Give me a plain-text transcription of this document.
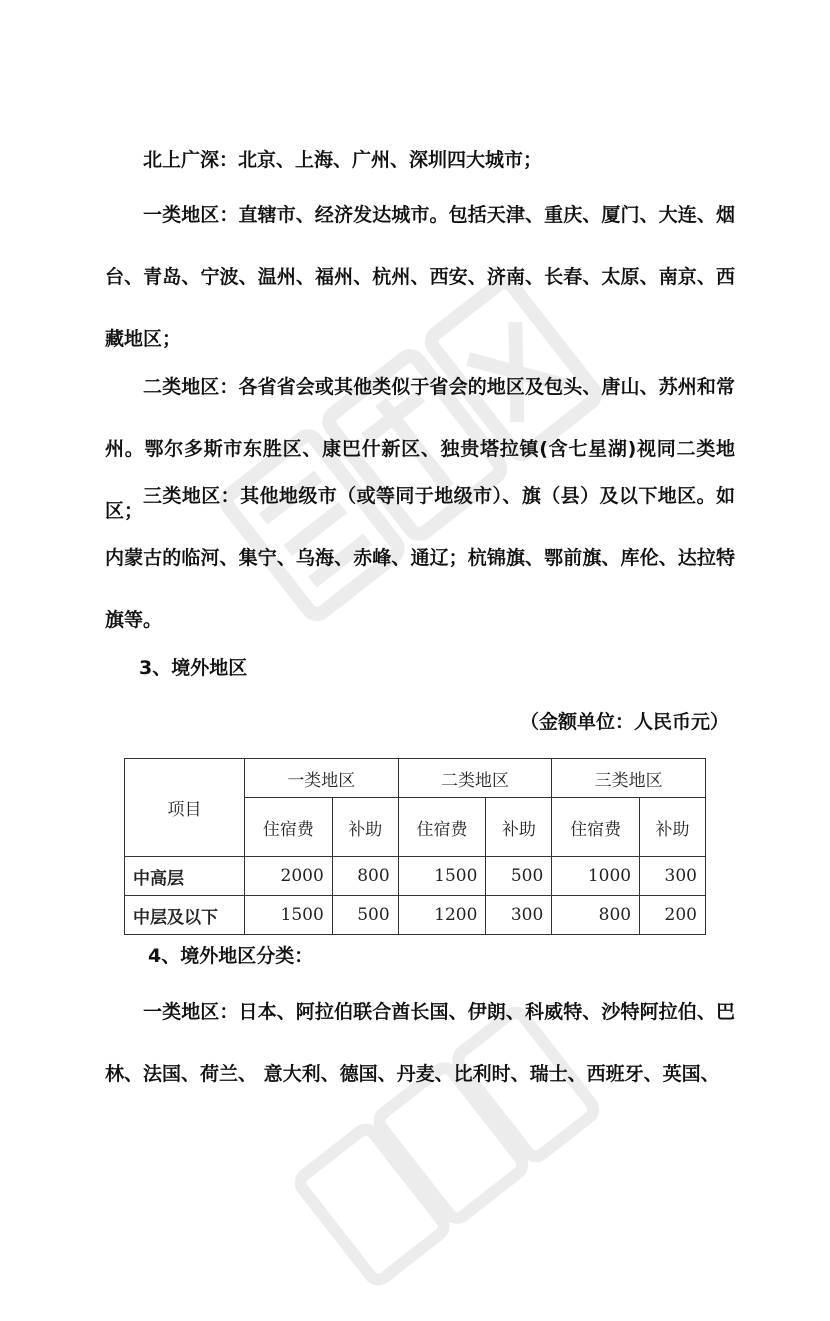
北上广深：北京、上海、广州、深圳四大城市；

一类地区：直辖市、经济发达城市。包括天津、重庆、厦门、大连、烟台、青岛、宁波、温州、福州、杭州、西安、济南、长春、太原、南京、西藏地区；

二类地区：各省省会或其他类似于省会的地区及包头、唐山、苏州和常州。鄂尔多斯市东胜区、康巴什新区、独贵塔拉镇(含七星湖)视同二类地区；

三类地区：其他地级市（或等同于地级市）、旗（县）及以下地区。如内蒙古的临河、集宁、乌海、赤峰、通辽；杭锦旗、鄂前旗、库伦、达拉特旗等。

3、境外地区

（金额单位：人民币元）

项目	一类地区		二类地区		三类地区	
	住宿费	补助	住宿费	补助	住宿费	补助
中高层	2000	800	1500	500	1000	300
中层及以下	1500	500	1200	300	800	200

4、境外地区分类：

一类地区：日本、阿拉伯联合酋长国、伊朗、科威特、沙特阿拉伯、巴林、法国、荷兰、 意大利、德国、丹麦、比利时、瑞士、西班牙、英国、
